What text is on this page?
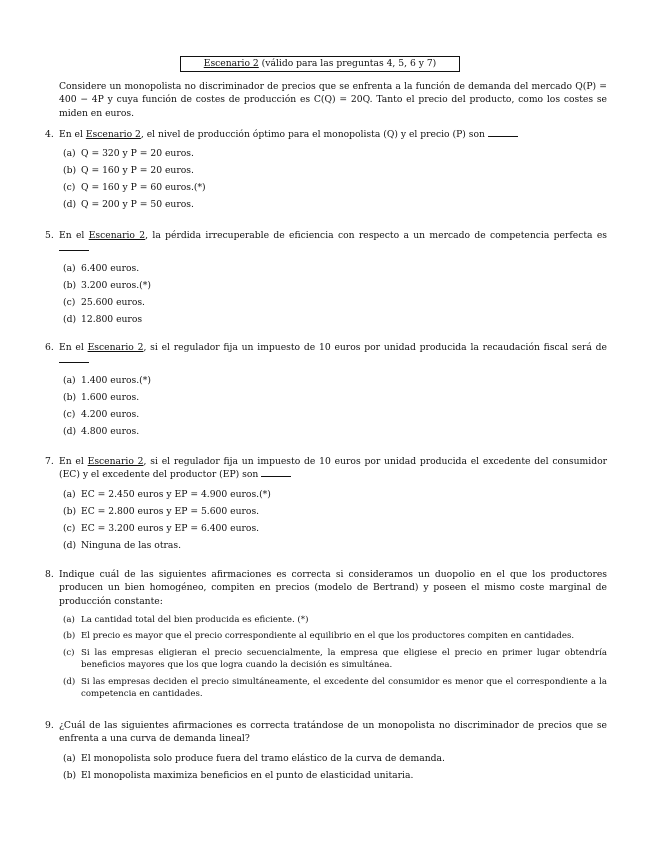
Escenario 2 (válido para las preguntas 4, 5, 6 y 7)
Considere un monopolista no discriminador de precios que se enfrenta a la función de demanda del mercado Q(P) = 400 − 4P y cuya función de costes de producción es C(Q) = 20Q. Tanto el precio del producto, como los costes se miden en euros.
4. En el Escenario 2, el nivel de producción óptimo para el monopolista (Q) y el precio (P) son
(a) Q = 320 y P = 20 euros.
(b) Q = 160 y P = 20 euros.
(c) Q = 160 y P = 60 euros.(*)
(d) Q = 200 y P = 50 euros.
5. En el Escenario 2, la pérdida irrecuperable de eficiencia con respecto a un mercado de competencia perfecta es
(a) 6.400 euros.
(b) 3.200 euros.(*)
(c) 25.600 euros.
(d) 12.800 euros
6. En el Escenario 2, si el regulador fija un impuesto de 10 euros por unidad producida la recaudación fiscal será de
(a) 1.400 euros.(*)
(b) 1.600 euros.
(c) 4.200 euros.
(d) 4.800 euros.
7. En el Escenario 2, si el regulador fija un impuesto de 10 euros por unidad producida el excedente del consumidor (EC) y el excedente del productor (EP) son
(a) EC = 2.450 euros y EP = 4.900 euros.(*)
(b) EC = 2.800 euros y EP = 5.600 euros.
(c) EC = 3.200 euros y EP = 6.400 euros.
(d) Ninguna de las otras.
8. Indique cuál de las siguientes afirmaciones es correcta si consideramos un duopolio en el que los productores producen un bien homogéneo, compiten en precios (modelo de Bertrand) y poseen el mismo coste marginal de producción constante:
(a) La cantidad total del bien producida es eficiente. (*)
(b) El precio es mayor que el precio correspondiente al equilibrio en el que los productores compiten en cantidades.
(c) Si las empresas eligieran el precio secuencialmente, la empresa que eligiese el precio en primer lugar obtendría beneficios mayores que los que logra cuando la decisión es simultánea.
(d) Si las empresas deciden el precio simultáneamente, el excedente del consumidor es menor que el correspondiente a la competencia en cantidades.
9. ¿Cuál de las siguientes afirmaciones es correcta tratándose de un monopolista no discriminador de precios que se enfrenta a una curva de demanda lineal?
(a) El monopolista solo produce fuera del tramo elástico de la curva de demanda.
(b) El monopolista maximiza beneficios en el punto de elasticidad unitaria.
